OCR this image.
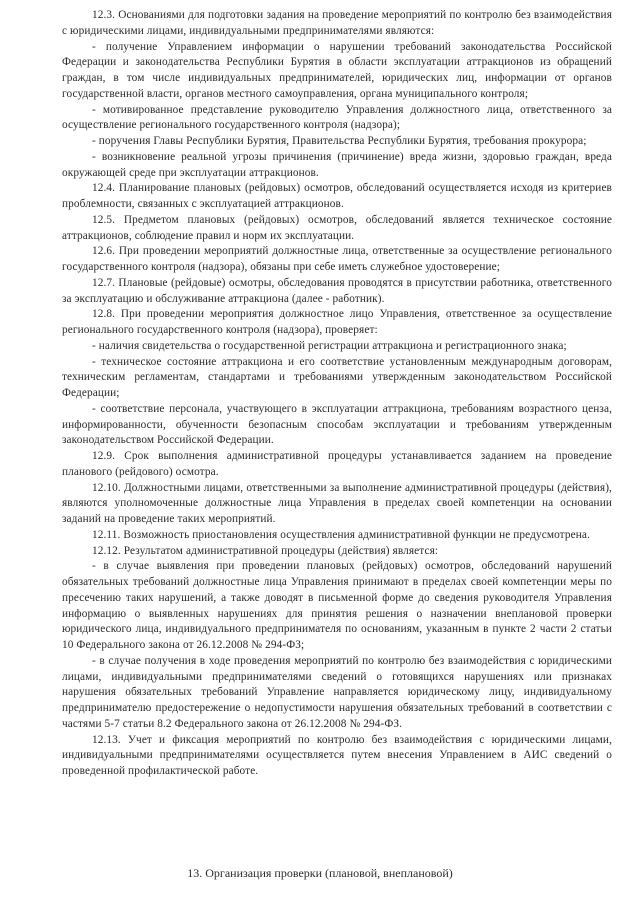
12.3. Основаниями для подготовки задания на проведение мероприятий по контролю без взаимодействия с юридическими лицами, индивидуальными предпринимателями являются:

- получение Управлением информации о нарушении требований законодательства Российской Федерации и законодательства Республики Бурятия в области эксплуатации аттракционов из обращений граждан, в том числе индивидуальных предпринимателей, юридических лиц, информации от органов государственной власти, органов местного самоуправления, органа муниципального контроля;

- мотивированное представление руководителю Управления должностного лица, ответственного за осуществление регионального государственного контроля (надзора);

- поручения Главы Республики Бурятия, Правительства Республики Бурятия, требования прокурора;

- возникновение реальной угрозы причинения (причинение) вреда жизни, здоровью граждан, вреда окружающей среде при эксплуатации аттракционов.

12.4. Планирование плановых (рейдовых) осмотров, обследований осуществляется исходя из критериев проблемности, связанных с эксплуатацией аттракционов.

12.5. Предметом плановых (рейдовых) осмотров, обследований является техническое состояние аттракционов, соблюдение правил и норм их эксплуатации.

12.6. При проведении мероприятий должностные лица, ответственные за осуществление регионального государственного контроля (надзора), обязаны при себе иметь служебное удостоверение;

12.7. Плановые (рейдовые) осмотры, обследования проводятся в присутствии работника, ответственного за эксплуатацию и обслуживание аттракциона (далее - работник).

12.8. При проведении мероприятия должностное лицо Управления, ответственное за осуществление регионального государственного контроля (надзора), проверяет:

- наличия свидетельства о государственной регистрации аттракциона и регистрационного знака;

- техническое состояние аттракциона и его соответствие установленным международным договорам, техническим регламентам, стандартами и требованиями утвержденным законодательством Российской Федерации;

- соответствие персонала, участвующего в эксплуатации аттракциона, требованиям возрастного ценза, информированности, обученности безопасным способам эксплуатации и требованиям утвержденным законодательством Российской Федерации.

12.9. Срок выполнения административной процедуры устанавливается заданием на проведение планового (рейдового) осмотра.

12.10. Должностными лицами, ответственными за выполнение административной процедуры (действия), являются уполномоченные должностные лица Управления в пределах своей компетенции на основании заданий на проведение таких мероприятий.

12.11. Возможность приостановления осуществления административной функции не предусмотрена.

12.12. Результатом административной процедуры (действия) является:

- в случае выявления при проведении плановых (рейдовых) осмотров, обследований нарушений обязательных требований должностные лица Управления принимают в пределах своей компетенции меры по пресечению таких нарушений, а также доводят в письменной форме до сведения руководителя Управления информацию о выявленных нарушениях для принятия решения о назначении внеплановой проверки юридического лица, индивидуального предпринимателя по основаниям, указанным в пункте 2 части 2 статьи 10 Федерального закона от 26.12.2008 № 294-ФЗ;

- в случае получения в ходе проведения мероприятий по контролю без взаимодействия с юридическими лицами, индивидуальными предпринимателями сведений о готовящихся нарушениях или признаках нарушения обязательных требований Управление направляется юридическому лицу, индивидуальному предпринимателю предостережение о недопустимости нарушения обязательных требований в соответствии с частями 5-7 статьи 8.2 Федерального закона от 26.12.2008 № 294-ФЗ.

12.13. Учет и фиксация мероприятий по контролю без взаимодействия с юридическими лицами, индивидуальными предпринимателями осуществляется путем внесения Управлением в АИС сведений о проведенной профилактической работе.

13. Организация проверки (плановой, внеплановой)
